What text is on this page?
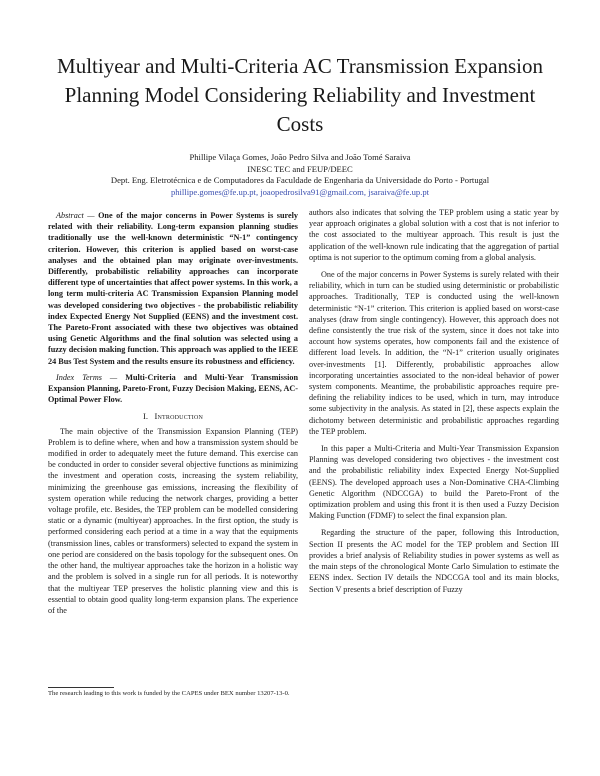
Multiyear and Multi-Criteria AC Transmission Expansion Planning Model Considering Reliability and Investment Costs
Phillipe Vilaça Gomes, João Pedro Silva and João Tomé Saraiva
INESC TEC and FEUP/DEEC
Dept. Eng. Eletrotécnica e de Computadores da Faculdade de Engenharia da Universidade do Porto - Portugal
phillipe.gomes@fe.up.pt, joaopedrosilva91@gmail.com, jsaraiva@fe.up.pt

Abstract — One of the major concerns in Power Systems is surely related with their reliability. Long-term expansion planning studies traditionally use the well-known deterministic “N-1” contingency criterion. However, this criterion is applied based on worst-case analyses and the obtained plan may originate over-investments. Differently, probabilistic reliability approaches can incorporate different type of uncertainties that affect power systems. In this work, a long term multi-criteria AC Transmission Expansion Planning model was developed considering two objectives - the probabilistic reliability index Expected Energy Not Supplied (EENS) and the investment cost. The Pareto-Front associated with these two objectives was obtained using Genetic Algorithms and the final solution was selected using a fuzzy decision making function. This approach was applied to the IEEE 24 Bus Test System and the results ensure its robustness and efficiency.

Index Terms — Multi-Criteria and Multi-Year Transmission Expansion Planning, Pareto-Front, Fuzzy Decision Making, EENS, AC-Optimal Power Flow.

I. Introduction

The main objective of the Transmission Expansion Planning (TEP) Problem is to define where, when and how a transmission system should be modified in order to adequately meet the future demand. This exercise can be conducted in order to consider several objective functions as minimizing the investment and operation costs, increasing the system reliability, minimizing the greenhouse gas emissions, increasing the flexibility of system operation while reducing the network charges, providing a better voltage profile, etc. Besides, the TEP problem can be modelled considering static or a dynamic (multiyear) approaches. In the first option, the study is performed considering each period at a time in a way that the equipments (transmission lines, cables or transformers) selected to expand the system in one period are considered on the basis topology for the subsequent ones. On the other hand, the multiyear approaches take the horizon in a holistic way and the problem is solved in a single run for all periods. It is noteworthy that the multiyear TEP preserves the holistic planning view and this is essential to obtain good quality long-term expansion plans. The experience of the

authors also indicates that solving the TEP problem using a static year by year approach originates a global solution with a cost that is not inferior to the cost associated to the multiyear approach. This result is just the application of the well-known rule indicating that the aggregation of partial optima is not superior to the optimum coming from a global analysis.

One of the major concerns in Power Systems is surely related with their reliability, which in turn can be studied using deterministic or probabilistic approaches. Traditionally, TEP is conducted using the well-known deterministic “N-1” criterion. This criterion is applied based on worst-case analyses (draw from single contingency). However, this approach does not define consistently the true risk of the system, since it does not take into account how systems operates, how components fail and the existence of different load levels. In addition, the “N-1” criterion usually originates over-investments [1]. Differently, probabilistic approaches allow incorporating uncertainties associated to the non-ideal behavior of power system components. Meantime, the probabilistic approaches require pre-defining the reliability indices to be used, which in turn, may introduce some subjectivity in the analysis. As stated in [2], these aspects explain the dichotomy between deterministic and probabilistic approaches regarding the TEP problem.

In this paper a Multi-Criteria and Multi-Year Transmission Expansion Planning was developed considering two objectives - the investment cost and the probabilistic reliability index Expected Energy Not-Supplied (EENS). The developed approach uses a Non-Dominative CHA-Climbing Genetic Algorithm (NDCCGA) to build the Pareto-Front of the optimization problem and using this front it is then used a Fuzzy Decision Making Function (FDMF) to select the final expansion plan.

Regarding the structure of the paper, following this Introduction, Section II presents the AC model for the TEP problem and Section III provides a brief analysis of Reliability studies in power systems as well as the main steps of the chronological Monte Carlo Simulation to estimate the EENS index. Section IV details the NDCCGA tool and its main blocks, Section V presents a brief description of Fuzzy

The research leading to this work is funded by the CAPES under BEX number 13207-13-0.
